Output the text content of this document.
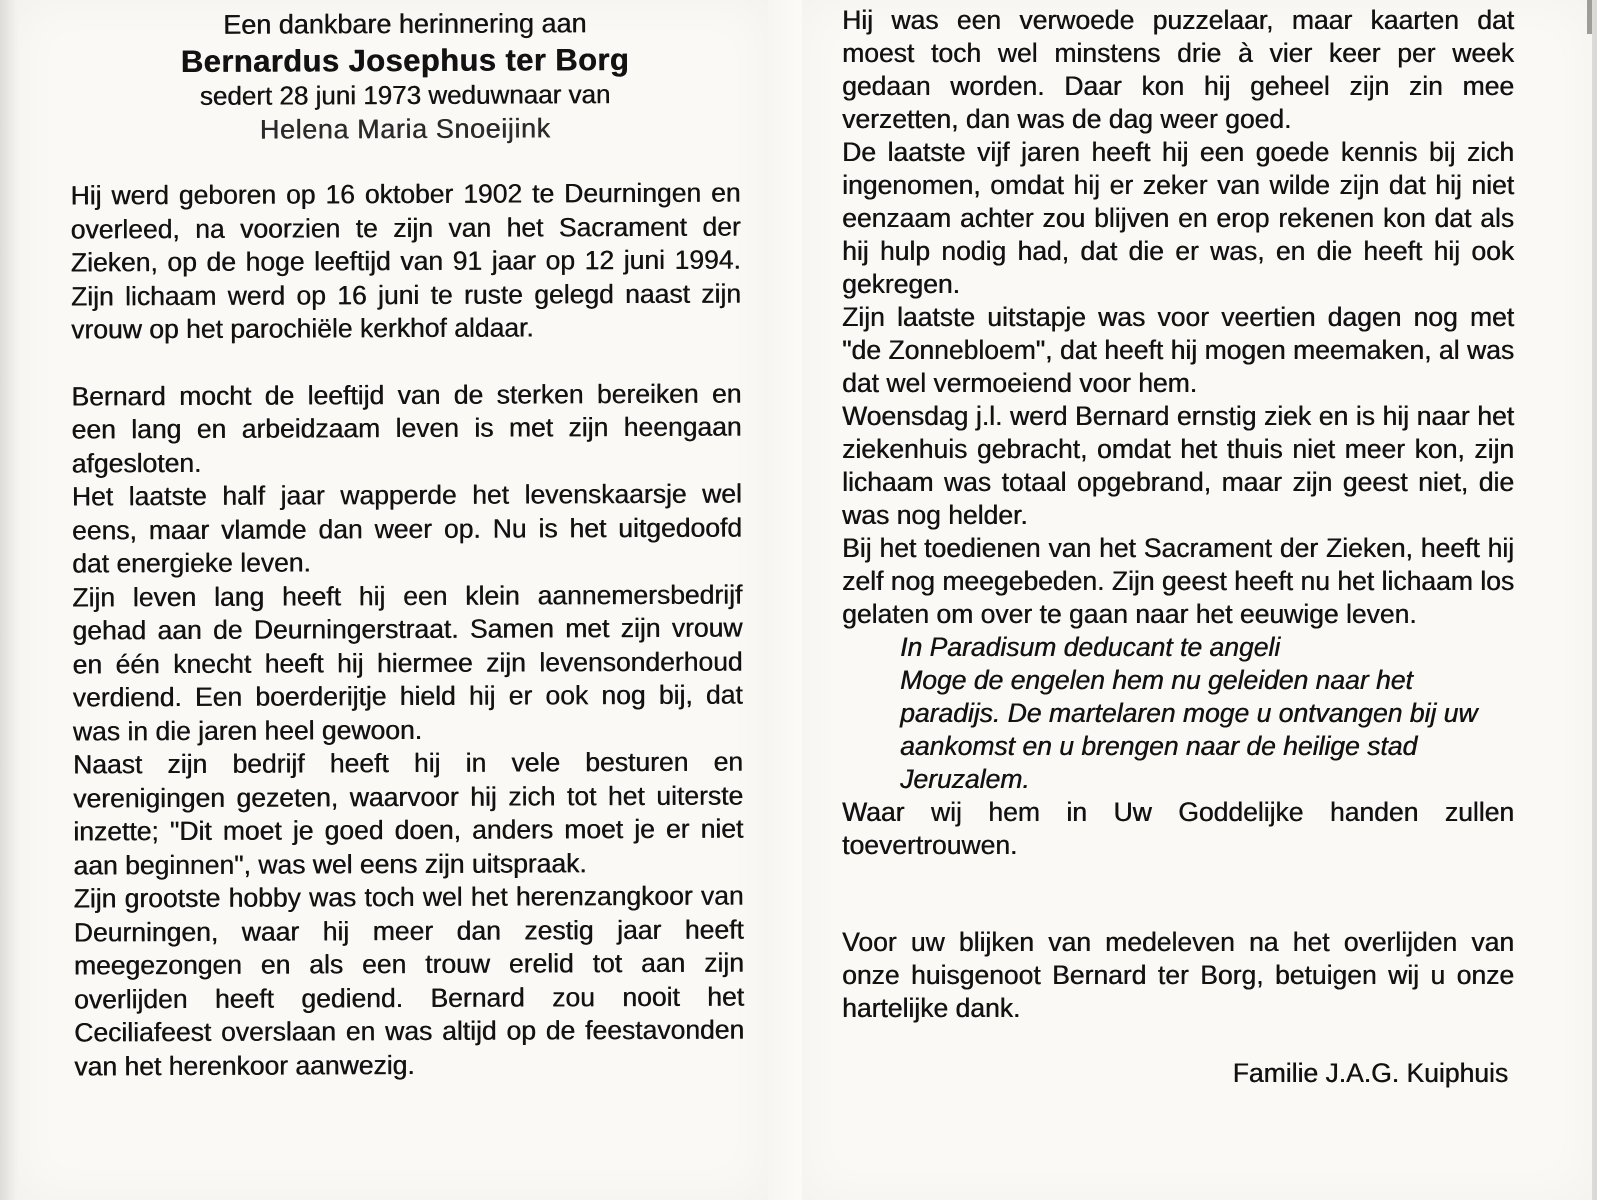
Een dankbare herinnering aan
Bernardus Josephus ter Borg
sedert 28 juni 1973 weduwnaar van
Helena Maria Snoeijink

Hij werd geboren op 16 oktober 1902 te Deurningen en overleed, na voorzien te zijn van het Sacrament der Zieken, op de hoge leeftijd van 91 jaar op 12 juni 1994. Zijn lichaam werd op 16 juni te ruste gelegd naast zijn vrouw op het parochiële kerkhof aldaar.

Bernard mocht de leeftijd van de sterken bereiken en een lang en arbeidzaam leven is met zijn heengaan afgesloten.

Het laatste half jaar wapperde het levenskaarsje wel eens, maar vlamde dan weer op. Nu is het uitgedoofd dat energieke leven.

Zijn leven lang heeft hij een klein aannemersbedrijf gehad aan de Deurningerstraat. Samen met zijn vrouw en één knecht heeft hij hiermee zijn levensonderhoud verdiend. Een boerderijtje hield hij er ook nog bij, dat was in die jaren heel gewoon.

Naast zijn bedrijf heeft hij in vele besturen en verenigingen gezeten, waarvoor hij zich tot het uiterste inzette; "Dit moet je goed doen, anders moet je er niet aan beginnen", was wel eens zijn uitspraak.

Zijn grootste hobby was toch wel het herenzangkoor van Deurningen, waar hij meer dan zestig jaar heeft meegezongen en als een trouw erelid tot aan zijn overlijden heeft gediend. Bernard zou nooit het Ceciliafeest overslaan en was altijd op de feestavonden van het herenkoor aanwezig.

Hij was een verwoede puzzelaar, maar kaarten dat moest toch wel minstens drie à vier keer per week gedaan worden. Daar kon hij geheel zijn zin mee verzetten, dan was de dag weer goed.

De laatste vijf jaren heeft hij een goede kennis bij zich ingenomen, omdat hij er zeker van wilde zijn dat hij niet eenzaam achter zou blijven en erop rekenen kon dat als hij hulp nodig had, dat die er was, en die heeft hij ook gekregen.

Zijn laatste uitstapje was voor veertien dagen nog met "de Zonnebloem", dat heeft hij mogen meemaken, al was dat wel vermoeiend voor hem.

Woensdag j.l. werd Bernard ernstig ziek en is hij naar het ziekenhuis gebracht, omdat het thuis niet meer kon, zijn lichaam was totaal opgebrand, maar zijn geest niet, die was nog helder.

Bij het toedienen van het Sacrament der Zieken, heeft hij zelf nog meegebeden. Zijn geest heeft nu het lichaam los gelaten om over te gaan naar het eeuwige leven.

In Paradisum deducant te angeli

Moge de engelen hem nu geleiden naar het paradijs. De martelaren moge u ontvangen bij uw aankomst en u brengen naar de heilige stad Jeruzalem.

Waar wij hem in Uw Goddelijke handen zullen toevertrouwen.

Voor uw blijken van medeleven na het overlijden van onze huisgenoot Bernard ter Borg, betuigen wij u onze hartelijke dank.

Familie J.A.G. Kuiphuis
